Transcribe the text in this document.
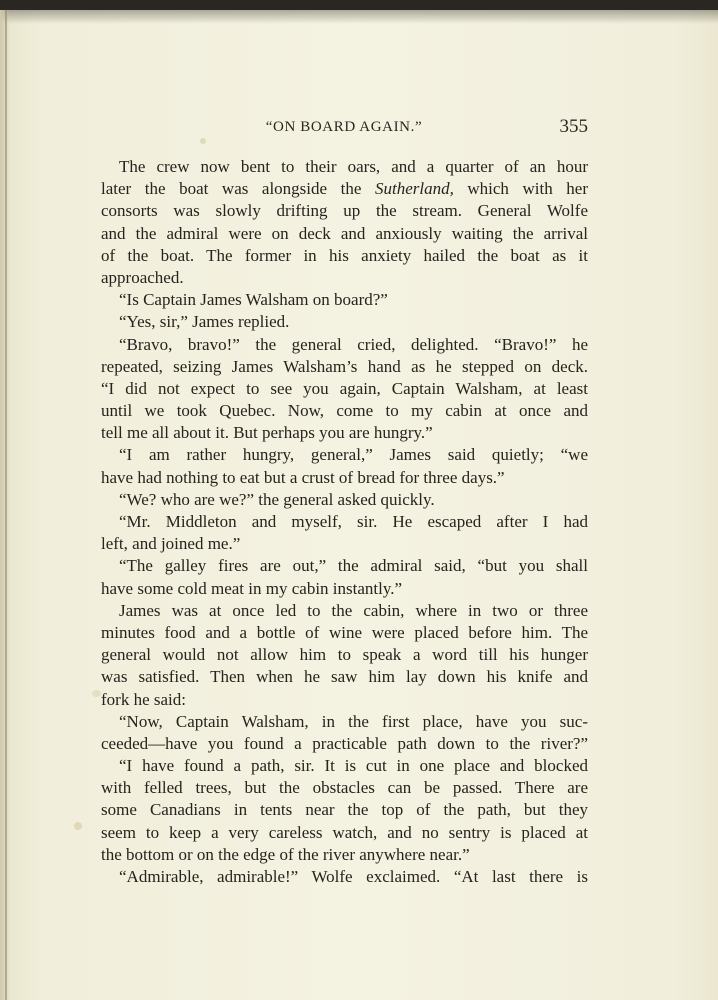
“ON BOARD AGAIN.”	355
The crew now bent to their oars, and a quarter of an hour
later the boat was alongside the Sutherland, which with her
consorts was slowly drifting up the stream. General Wolfe
and the admiral were on deck and anxiously waiting the arrival
of the boat. The former in his anxiety hailed the boat as it
approached.
“Is Captain James Walsham on board?”
“Yes, sir,” James replied.
“Bravo, bravo!” the general cried, delighted. “Bravo!” he
repeated, seizing James Walsham’s hand as he stepped on deck.
“I did not expect to see you again, Captain Walsham, at least
until we took Quebec. Now, come to my cabin at once and
tell me all about it. But perhaps you are hungry.”
“I am rather hungry, general,” James said quietly; “we
have had nothing to eat but a crust of bread for three days.”
“We? who are we?” the general asked quickly.
“Mr. Middleton and myself, sir. He escaped after I had
left, and joined me.”
“The galley fires are out,” the admiral said, “but you shall
have some cold meat in my cabin instantly.”
James was at once led to the cabin, where in two or three
minutes food and a bottle of wine were placed before him. The
general would not allow him to speak a word till his hunger
was satisfied. Then when he saw him lay down his knife and
fork he said:
“Now, Captain Walsham, in the first place, have you suc-
ceeded—have you found a practicable path down to the river?”
“I have found a path, sir. It is cut in one place and blocked
with felled trees, but the obstacles can be passed. There are
some Canadians in tents near the top of the path, but they
seem to keep a very careless watch, and no sentry is placed at
the bottom or on the edge of the river anywhere near.”
“Admirable, admirable!” Wolfe exclaimed. “At last there is
